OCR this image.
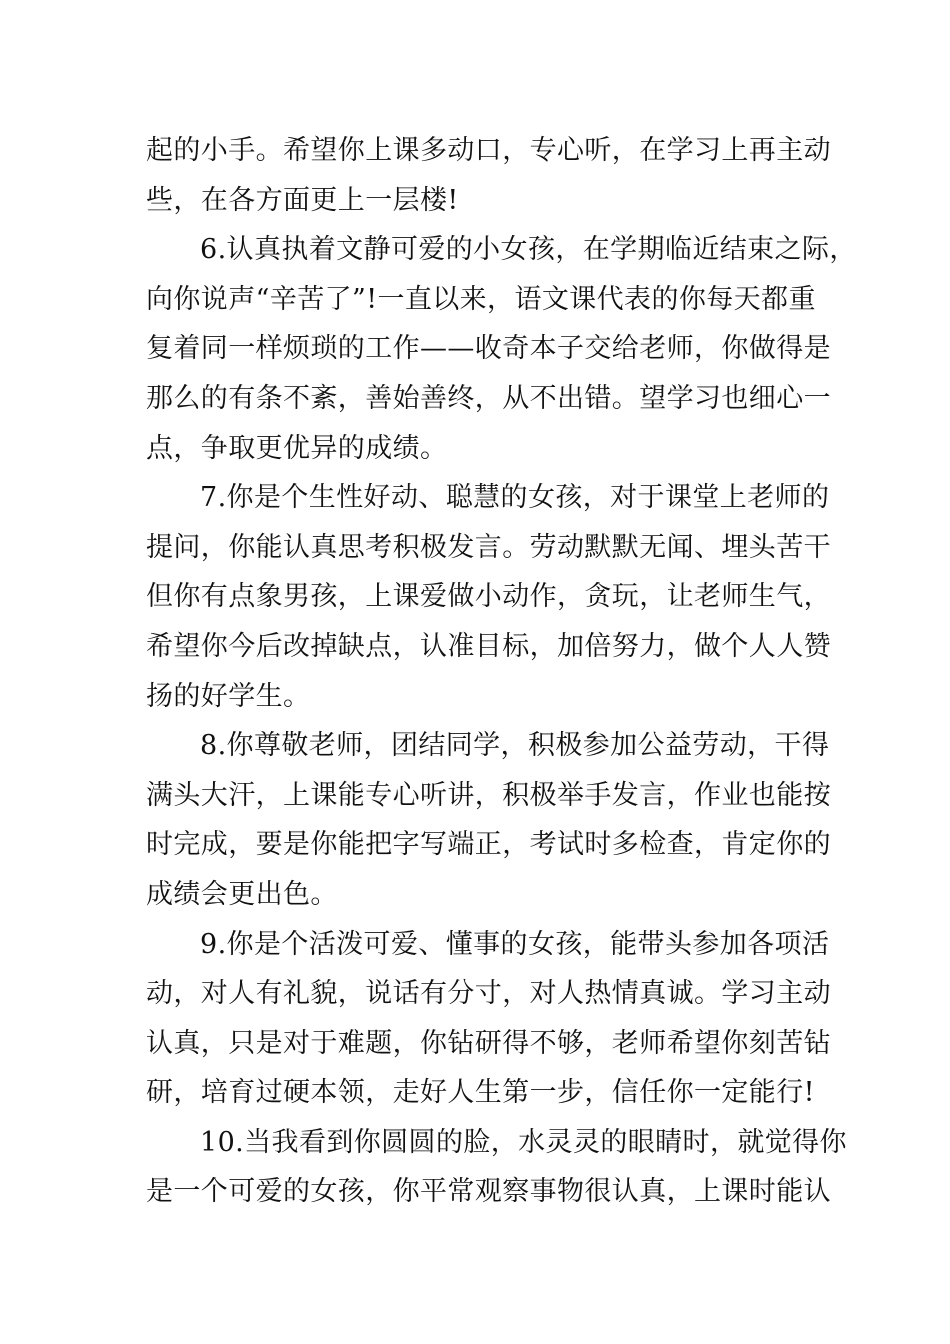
起的小手。希望你上课多动口，专心听，在学习上再主动
些，在各方面更上一层楼!
6.认真执着文静可爱的小女孩，在学期临近结束之际，
向你说声“辛苦了”!一直以来，语文课代表的你每天都重
复着同一样烦琐的工作——收奇本子交给老师，你做得是
那么的有条不紊，善始善终，从不出错。望学习也细心一
点，争取更优异的成绩。
7.你是个生性好动、聪慧的女孩，对于课堂上老师的
提问，你能认真思考积极发言。劳动默默无闻、埋头苦干
但你有点象男孩，上课爱做小动作，贪玩，让老师生气，
希望你今后改掉缺点，认准目标，加倍努力，做个人人赞
扬的好学生。
8.你尊敬老师，团结同学，积极参加公益劳动，干得
满头大汗，上课能专心听讲，积极举手发言，作业也能按
时完成，要是你能把字写端正，考试时多检查，肯定你的
成绩会更出色。
9.你是个活泼可爱、懂事的女孩，能带头参加各项活
动，对人有礼貌，说话有分寸，对人热情真诚。学习主动
认真，只是对于难题，你钻研得不够，老师希望你刻苦钻
研，培育过硬本领，走好人生第一步，信任你一定能行!
10.当我看到你圆圆的脸，水灵灵的眼睛时，就觉得你
是一个可爱的女孩，你平常观察事物很认真，上课时能认
